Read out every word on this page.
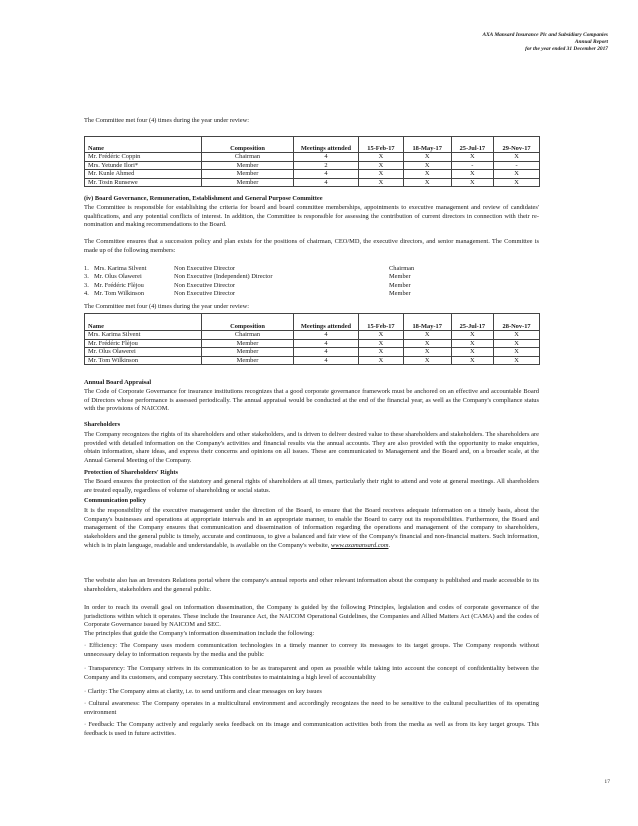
AXA Mansard Insurance Plc and Subsidiary Companies
Annual Report
for the year ended 31 December 2017
The Committee met four (4) times during the year under review:
Name	Composition	Meetings attended	15-Feb-17	18-May-17	25-Jul-17	29-Nov-17
Mr. Frédéric Coppin	Chairman	4	X	X	X	X
Mrs. Yetunde Ilori*	Member	2	X	X	-	-
Mr. Kunle Ahmed	Member	4	X	X	X	X
Mr. Tosin Runsewe	Member	4	X	X	X	X
(iv) Board Governance, Remuneration, Establishment and General Purpose Committee
The Committee is responsible for establishing the criteria for board and board committee memberships, appointments to executive management and review of candidates' qualifications, and any potential conflicts of interest. In addition, the Committee is responsible for assessing the contribution of current directors in connection with their re-nomination and making recommendations to the Board.
The Committee ensures that a succession policy and plan exists for the positions of chairman, CEO/MD, the executive directors, and senior management. The Committee is made up of the following members:
1. Mrs. Karima Silvent	Non Executive Director	Chairman
3. Mr. Olus Olawerei	Non Executive (Independent) Director	Member
3. Mr. Frédéric Flèjou	Non Executive Director	Member
4. Mr. Tom Wilkinson	Non Executive Director	Member
The Committee met four (4) times during the year under review:
Name	Composition	Meetings attended	15-Feb-17	18-May-17	25-Jul-17	28-Nov-17
Mrs. Karima Silvent	Chairman	4	X	X	X	X
Mr. Frédéric Flèjou	Member	4	X	X	X	X
Mr. Olus Olawerei	Member	4	X	X	X	X
Mr. Tom Wilkinson	Member	4	X	X	X	X
Annual Board Appraisal
The Code of Corporate Governance for insurance institutions recognizes that a good corporate governance framework must be anchored on an effective and accountable Board of Directors whose performance is assessed periodically. The annual appraisal would be conducted at the end of the financial year, as well as the Company's compliance status with the provisions of NAICOM.
Shareholders
The Company recognizes the rights of its shareholders and other stakeholders, and is driven to deliver desired value to these shareholders and stakeholders. The shareholders are provided with detailed information on the Company's activities and financial results via the annual accounts. They are also provided with the opportunity to make enquiries, obtain information, share ideas, and express their concerns and opinions on all issues. These are communicated to Management and the Board and, on a broader scale, at the Annual General Meeting of the Company.
Protection of Shareholders' Rights
The Board ensures the protection of the statutory and general rights of shareholders at all times, particularly their right to attend and vote at general meetings. All shareholders are treated equally, regardless of volume of shareholding or social status.
Communication policy
It is the responsibility of the executive management under the direction of the Board, to ensure that the Board receives adequate information on a timely basis, about the Company's businesses and operations at appropriate intervals and in an appropriate manner, to enable the Board to carry out its responsibilities. Furthermore, the Board and management of the Company ensures that communication and dissemination of information regarding the operations and management of the company to shareholders, stakeholders and the general public is timely, accurate and continuous, to give a balanced and fair view of the Company's financial and non-financial matters. Such information, which is in plain language, readable and understandable, is available on the Company's website, www.axamansard.com.
The website also has an Investors Relations portal where the company's annual reports and other relevant information about the company is published and made accessible to its shareholders, stakeholders and the general public.
In order to reach its overall goal on information dissemination, the Company is guided by the following Principles, legislation and codes of corporate governance of the jurisdictions within which it operates. These include the Insurance Act, the NAICOM Operational Guidelines, the Companies and Allied Matters Act (CAMA) and the codes of Corporate Governance issued by NAICOM and SEC.
The principles that guide the Company's information dissemination include the following:
· Efficiency: The Company uses modern communication technologies in a timely manner to convey its messages to its target groups. The Company responds without unnecessary delay to information requests by the media and the public
· Transparency: The Company strives in its communication to be as transparent and open as possible while taking into account the concept of confidentiality between the Company and its customers, and company secretary. This contributes to maintaining a high level of accountability
· Clarity: The Company aims at clarity, i.e. to send uniform and clear messages on key issues
· Cultural awareness: The Company operates in a multicultural environment and accordingly recognizes the need to be sensitive to the cultural peculiarities of its operating environment
· Feedback: The Company actively and regularly seeks feedback on its image and communication activities both from the media as well as from its key target groups. This feedback is used in future activities.
17
